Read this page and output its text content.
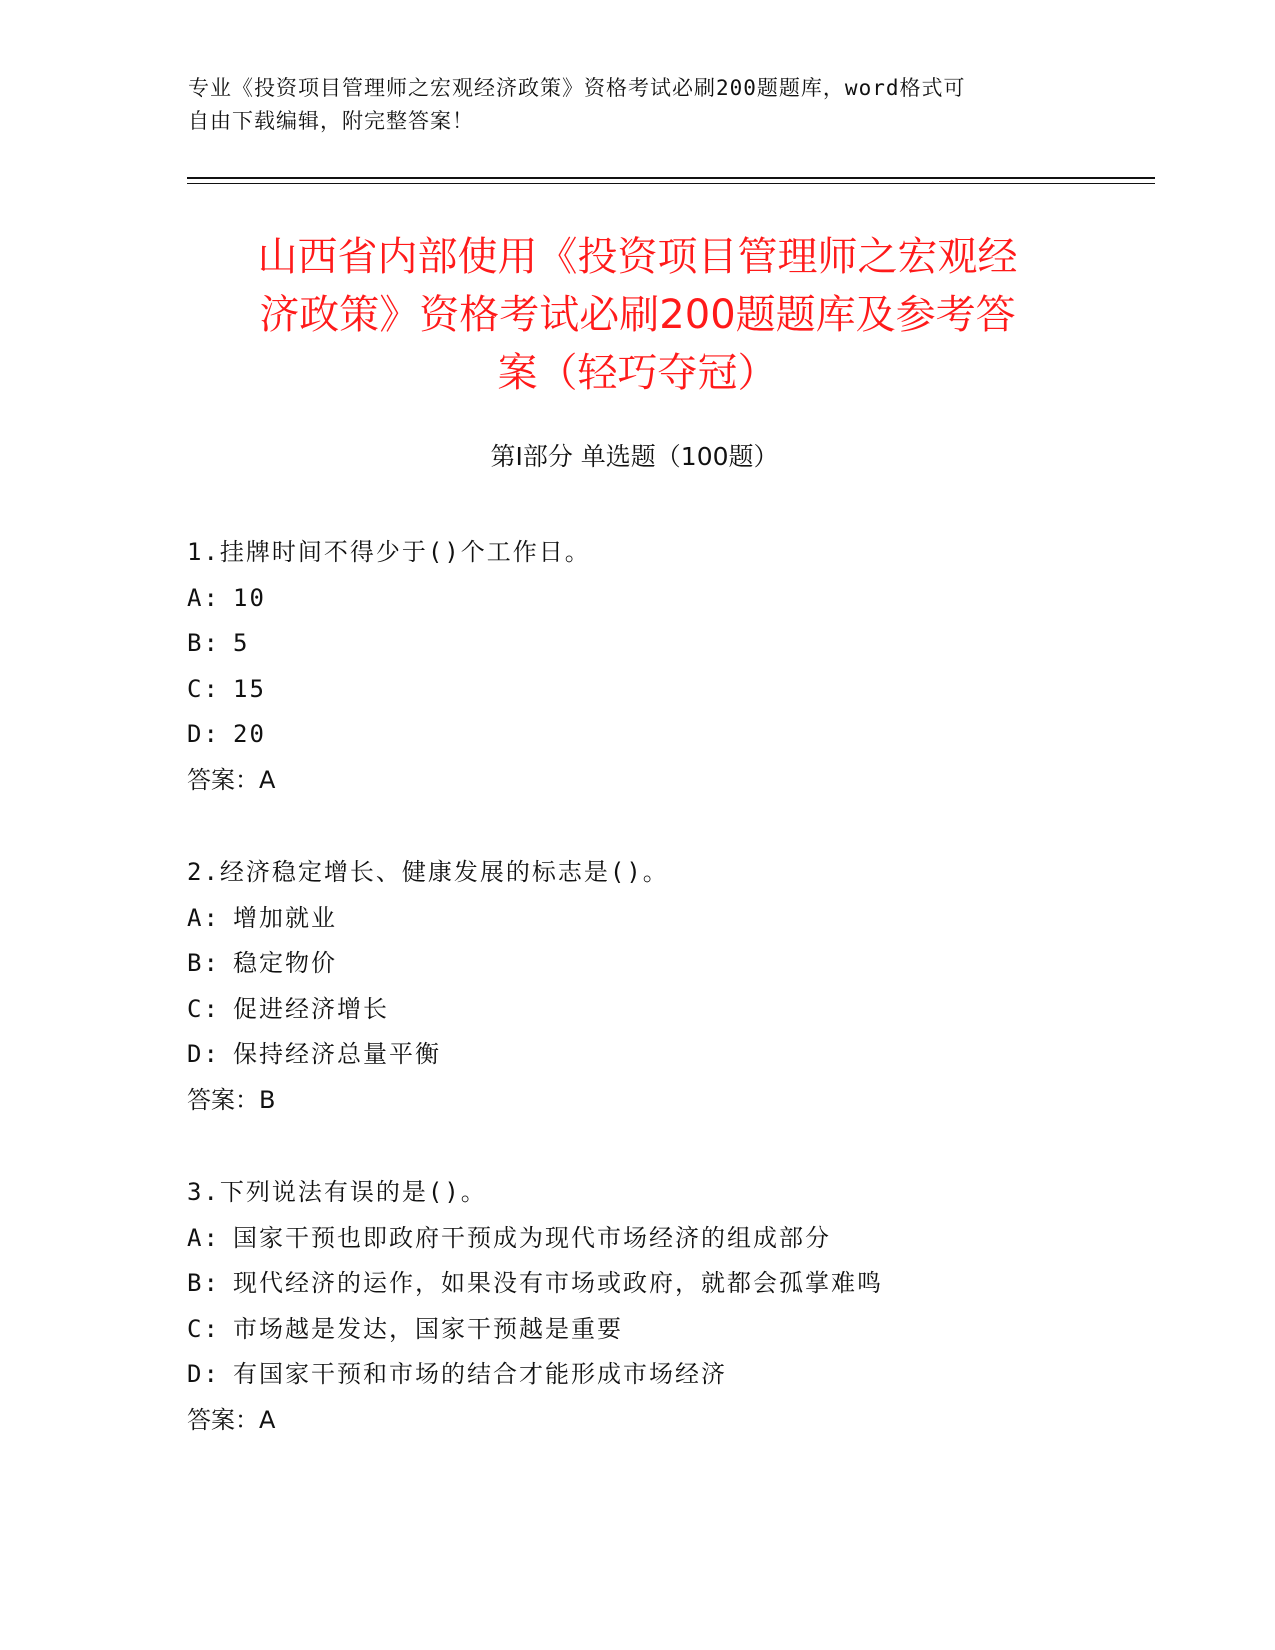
专业《投资项目管理师之宏观经济政策》资格考试必刷200题题库，word格式可
自由下载编辑，附完整答案！
山西省内部使用《投资项目管理师之宏观经
济政策》资格考试必刷200题题库及参考答
案（轻巧夺冠）
第Ⅰ部分 单选题（100题）
1.挂牌时间不得少于()个工作日。
A: 10
B: 5
C: 15
D: 20
答案：A
2.经济稳定增长、健康发展的标志是()。
A: 增加就业
B: 稳定物价
C: 促进经济增长
D: 保持经济总量平衡
答案：B
3.下列说法有误的是()。
A: 国家干预也即政府干预成为现代市场经济的组成部分
B: 现代经济的运作，如果没有市场或政府，就都会孤掌难鸣
C: 市场越是发达，国家干预越是重要
D: 有国家干预和市场的结合才能形成市场经济
答案：A
